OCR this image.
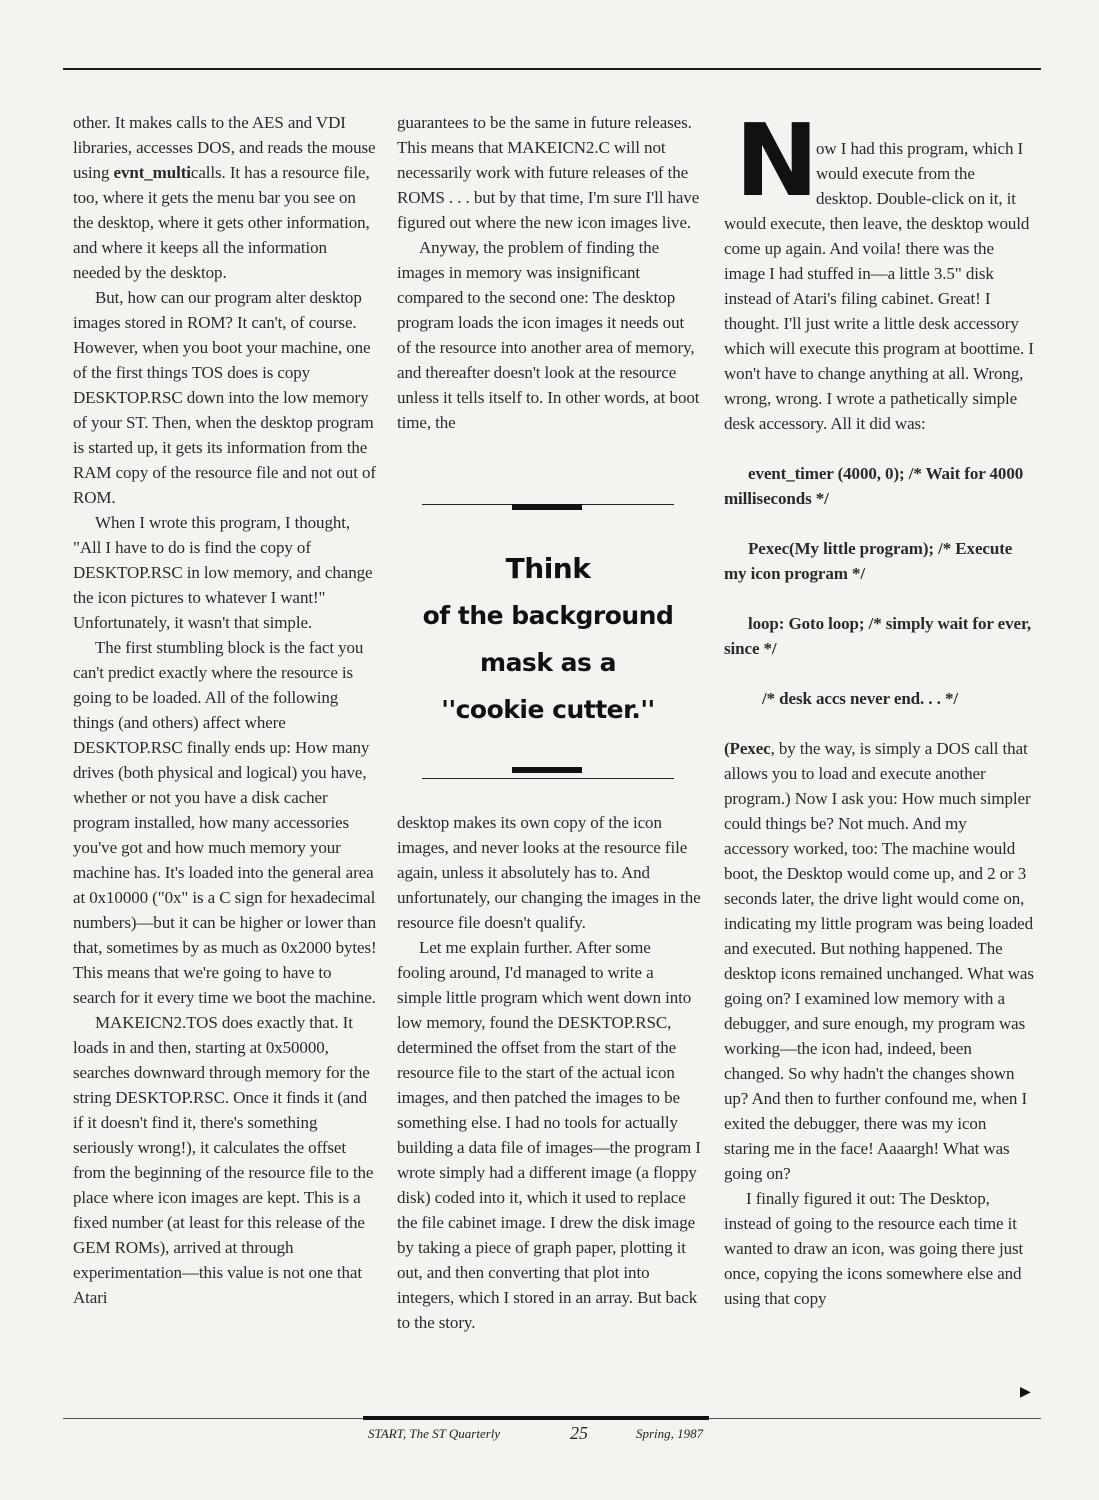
other. It makes calls to the AES and VDI libraries, accesses DOS, and reads the mouse using evnt_multicalls. It has a resource file, too, where it gets the menu bar you see on the desktop, where it gets other information, and where it keeps all the information needed by the desktop.

But, how can our program alter desktop images stored in ROM? It can't, of course. However, when you boot your machine, one of the first things TOS does is copy DESKTOP.RSC down into the low memory of your ST. Then, when the desktop program is started up, it gets its information from the RAM copy of the resource file and not out of ROM.

When I wrote this program, I thought, "All I have to do is find the copy of DESKTOP.RSC in low memory, and change the icon pictures to whatever I want!" Unfortunately, it wasn't that simple.

The first stumbling block is the fact you can't predict exactly where the resource is going to be loaded. All of the following things (and others) affect where DESKTOP.RSC finally ends up: How many drives (both physical and logical) you have, whether or not you have a disk cacher program installed, how many accessories you've got and how much memory your machine has. It's loaded into the general area at 0x10000 ("0x" is a C sign for hexadecimal numbers)—but it can be higher or lower than that, sometimes by as much as 0x2000 bytes! This means that we're going to have to search for it every time we boot the machine.

MAKEICN2.TOS does exactly that. It loads in and then, starting at 0x50000, searches downward through memory for the string DESKTOP.RSC. Once it finds it (and if it doesn't find it, there's something seriously wrong!), it calculates the offset from the beginning of the resource file to the place where icon images are kept. This is a fixed number (at least for this release of the GEM ROMs), arrived at through experimentation—this value is not one that Atari

guarantees to be the same in future releases. This means that MAKEICN2.C will not necessarily work with future releases of the ROMS . . . but by that time, I'm sure I'll have figured out where the new icon images live.

Anyway, the problem of finding the images in memory was insignificant compared to the second one: The desktop program loads the icon images it needs out of the resource into another area of memory, and thereafter doesn't look at the resource unless it tells itself to. In other words, at boot time, the

Think
of the background
mask as a
''cookie cutter.''

desktop makes its own copy of the icon images, and never looks at the resource file again, unless it absolutely has to. And unfortunately, our changing the images in the resource file doesn't qualify.

Let me explain further. After some fooling around, I'd managed to write a simple little program which went down into low memory, found the DESKTOP.RSC, determined the offset from the start of the resource file to the start of the actual icon images, and then patched the images to be something else. I had no tools for actually building a data file of images—the program I wrote simply had a different image (a floppy disk) coded into it, which it used to replace the file cabinet image. I drew the disk image by taking a piece of graph paper, plotting it out, and then converting that plot into integers, which I stored in an array. But back to the story.

N

ow I had this program, which I would execute from the desktop. Double-click on it, it would execute, then leave, the desktop would come up again. And voila! there was the image I had stuffed in—a little 3.5" disk instead of Atari's filing cabinet. Great! I thought. I'll just write a little desk accessory which will execute this program at boottime. I won't have to change anything at all. Wrong, wrong, wrong. I wrote a pathetically simple desk accessory. All it did was:

event_timer (4000, 0); /* Wait for 4000 milliseconds */

Pexec(My little program); /* Execute my icon program */

loop: Goto loop; /* simply wait for ever, since */

/* desk accs never end. . . */

(Pexec, by the way, is simply a DOS call that allows you to load and execute another program.) Now I ask you: How much simpler could things be? Not much. And my accessory worked, too: The machine would boot, the Desktop would come up, and 2 or 3 seconds later, the drive light would come on, indicating my little program was being loaded and executed. But nothing happened. The desktop icons remained unchanged. What was going on? I examined low memory with a debugger, and sure enough, my program was working—the icon had, indeed, been changed. So why hadn't the changes shown up? And then to further confound me, when I exited the debugger, there was my icon staring me in the face! Aaaargh! What was going on?

I finally figured it out: The Desktop, instead of going to the resource each time it wanted to draw an icon, was going there just once, copying the icons somewhere else and using that copy

▶
START, The ST Quarterly	25	Spring, 1987
